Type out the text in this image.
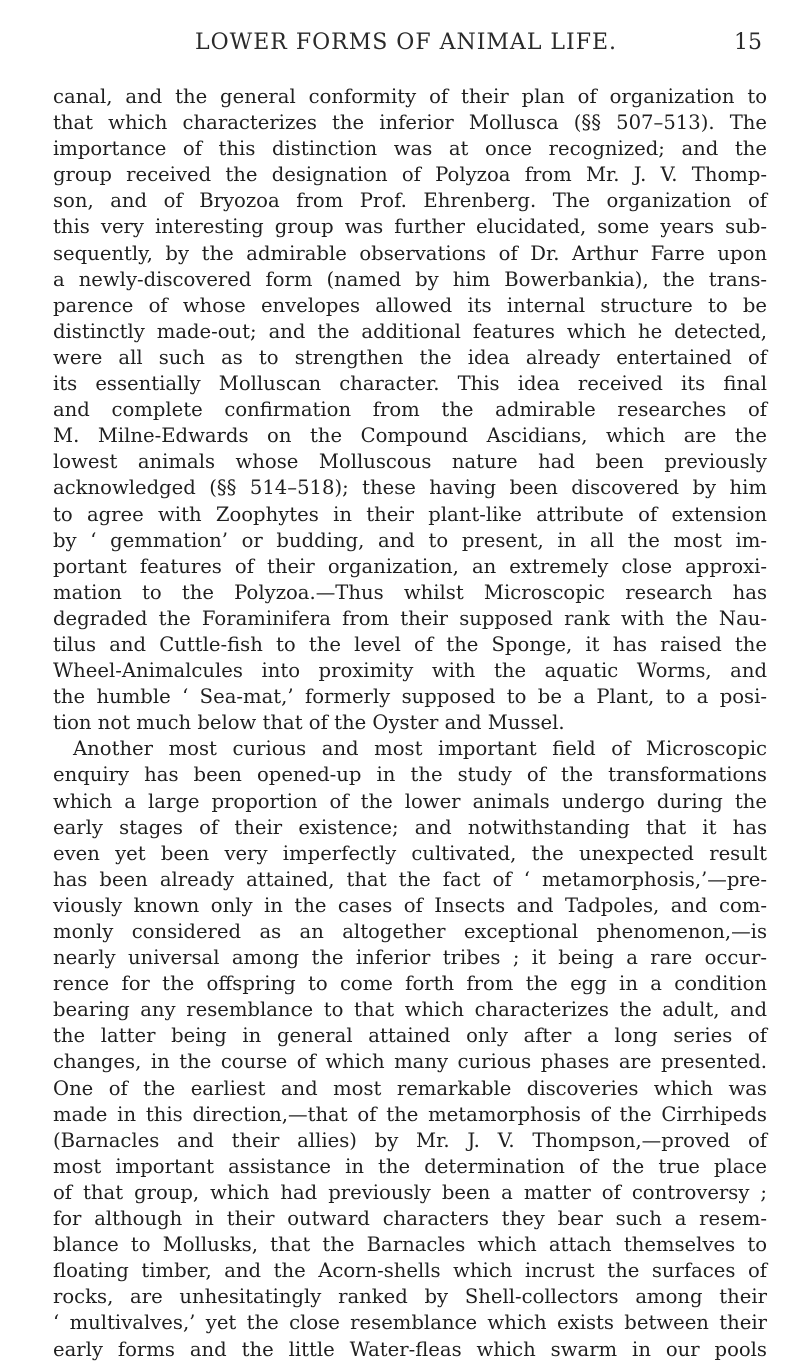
LOWER FORMS OF ANIMAL LIFE.	15
canal, and the general conformity of their plan of organization to
that which characterizes the inferior Mollusca (§§ 507–513). The
importance of this distinction was at once recognized; and the
group received the designation of Polyzoa from Mr. J. V. Thomp-
son, and of Bryozoa from Prof. Ehrenberg. The organization of
this very interesting group was further elucidated, some years sub-
sequently, by the admirable observations of Dr. Arthur Farre upon
a newly-discovered form (named by him Bowerbankia), the trans-
parence of whose envelopes allowed its internal structure to be
distinctly made-out; and the additional features which he detected,
were all such as to strengthen the idea already entertained of
its essentially Molluscan character. This idea received its final
and complete confirmation from the admirable researches of
M. Milne-Edwards on the Compound Ascidians, which are the
lowest animals whose Molluscous nature had been previously
acknowledged (§§ 514–518); these having been discovered by him
to agree with Zoophytes in their plant-like attribute of extension
by ‘ gemmation’ or budding, and to present, in all the most im-
portant features of their organization, an extremely close approxi-
mation to the Polyzoa.—Thus whilst Microscopic research has
degraded the Foraminifera from their supposed rank with the Nau-
tilus and Cuttle-fish to the level of the Sponge, it has raised the
Wheel-Animalcules into proximity with the aquatic Worms, and
the humble ‘ Sea-mat,’ formerly supposed to be a Plant, to a posi-
tion not much below that of the Oyster and Mussel.
Another most curious and most important field of Microscopic
enquiry has been opened-up in the study of the transformations
which a large proportion of the lower animals undergo during the
early stages of their existence; and notwithstanding that it has
even yet been very imperfectly cultivated, the unexpected result
has been already attained, that the fact of ‘ metamorphosis,’—pre-
viously known only in the cases of Insects and Tadpoles, and com-
monly considered as an altogether exceptional phenomenon,—is
nearly universal among the inferior tribes ; it being a rare occur-
rence for the offspring to come forth from the egg in a condition
bearing any resemblance to that which characterizes the adult, and
the latter being in general attained only after a long series of
changes, in the course of which many curious phases are presented.
One of the earliest and most remarkable discoveries which was
made in this direction,—that of the metamorphosis of the Cirrhipeds
(Barnacles and their allies) by Mr. J. V. Thompson,—proved of
most important assistance in the determination of the true place
of that group, which had previously been a matter of controversy ;
for although in their outward characters they bear such a resem-
blance to Mollusks, that the Barnacles which attach themselves to
floating timber, and the Acorn-shells which incrust the surfaces of
rocks, are unhesitatingly ranked by Shell-collectors among their
‘ multivalves,’ yet the close resemblance which exists between their
early forms and the little Water-fleas which swarm in our pools
